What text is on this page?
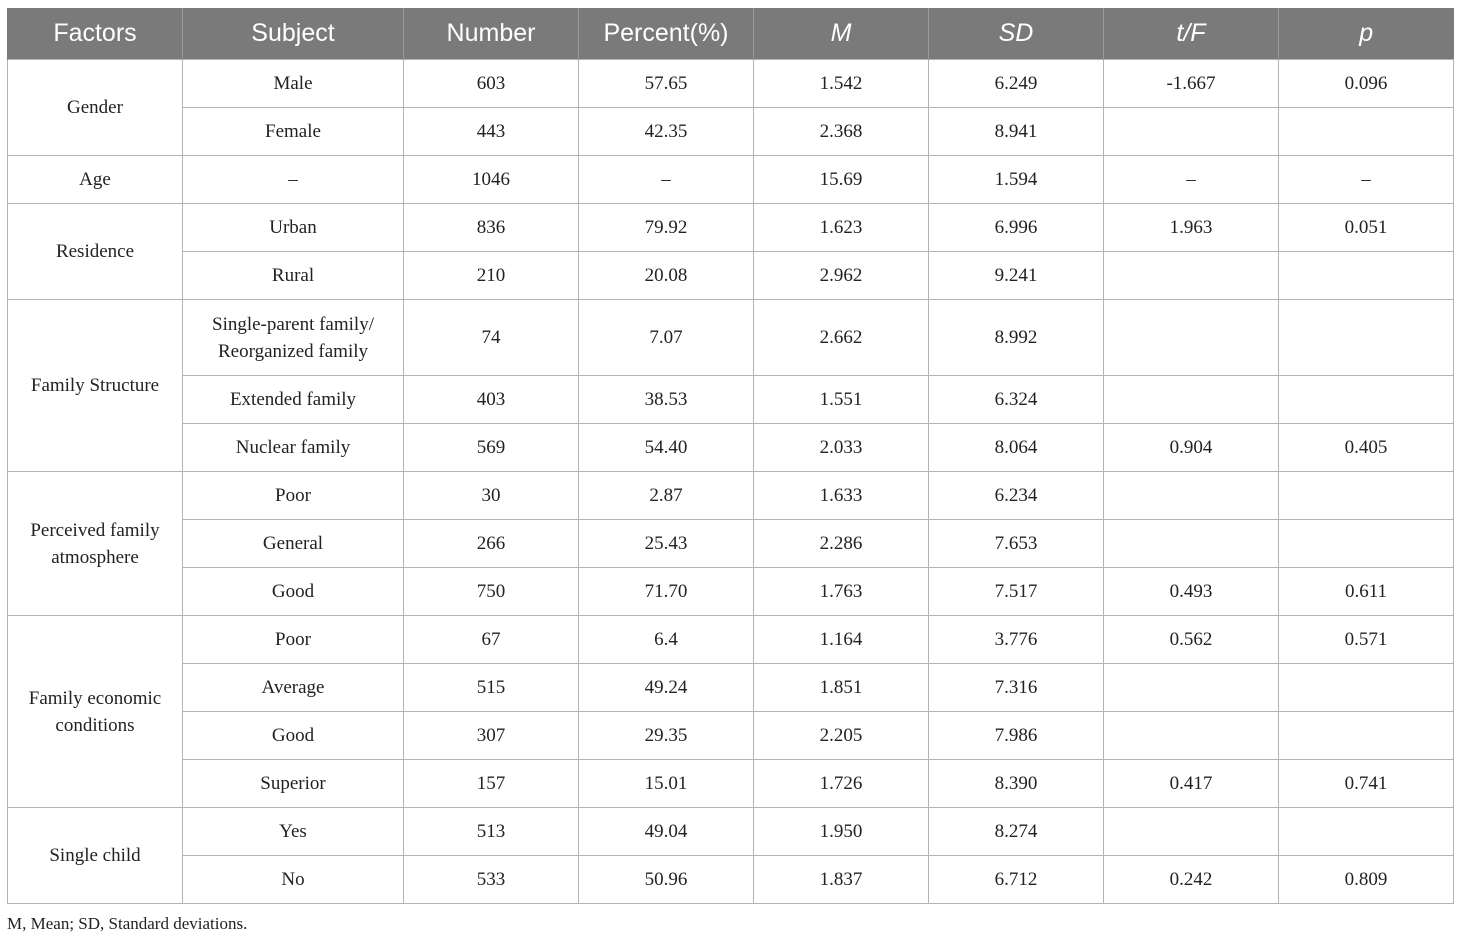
Factors	Subject	Number	Percent(%)	M	SD	t/F	p
Gender	Male	603	57.65	1.542	6.249	-1.667	0.096
	Female	443	42.35	2.368	8.941		
Age	–	1046	–	15.69	1.594	–	–
Residence	Urban	836	79.92	1.623	6.996	1.963	0.051
	Rural	210	20.08	2.962	9.241		
Family Structure	Single-parent family/ Reorganized family	74	7.07	2.662	8.992		
	Extended family	403	38.53	1.551	6.324		
	Nuclear family	569	54.40	2.033	8.064	0.904	0.405
Perceived family atmosphere	Poor	30	2.87	1.633	6.234		
	General	266	25.43	2.286	7.653		
	Good	750	71.70	1.763	7.517	0.493	0.611
Family economic conditions	Poor	67	6.4	1.164	3.776	0.562	0.571
	Average	515	49.24	1.851	7.316		
	Good	307	29.35	2.205	7.986		
	Superior	157	15.01	1.726	8.390	0.417	0.741
Single child	Yes	513	49.04	1.950	8.274		
	No	533	50.96	1.837	6.712	0.242	0.809
M, Mean; SD, Standard deviations.
